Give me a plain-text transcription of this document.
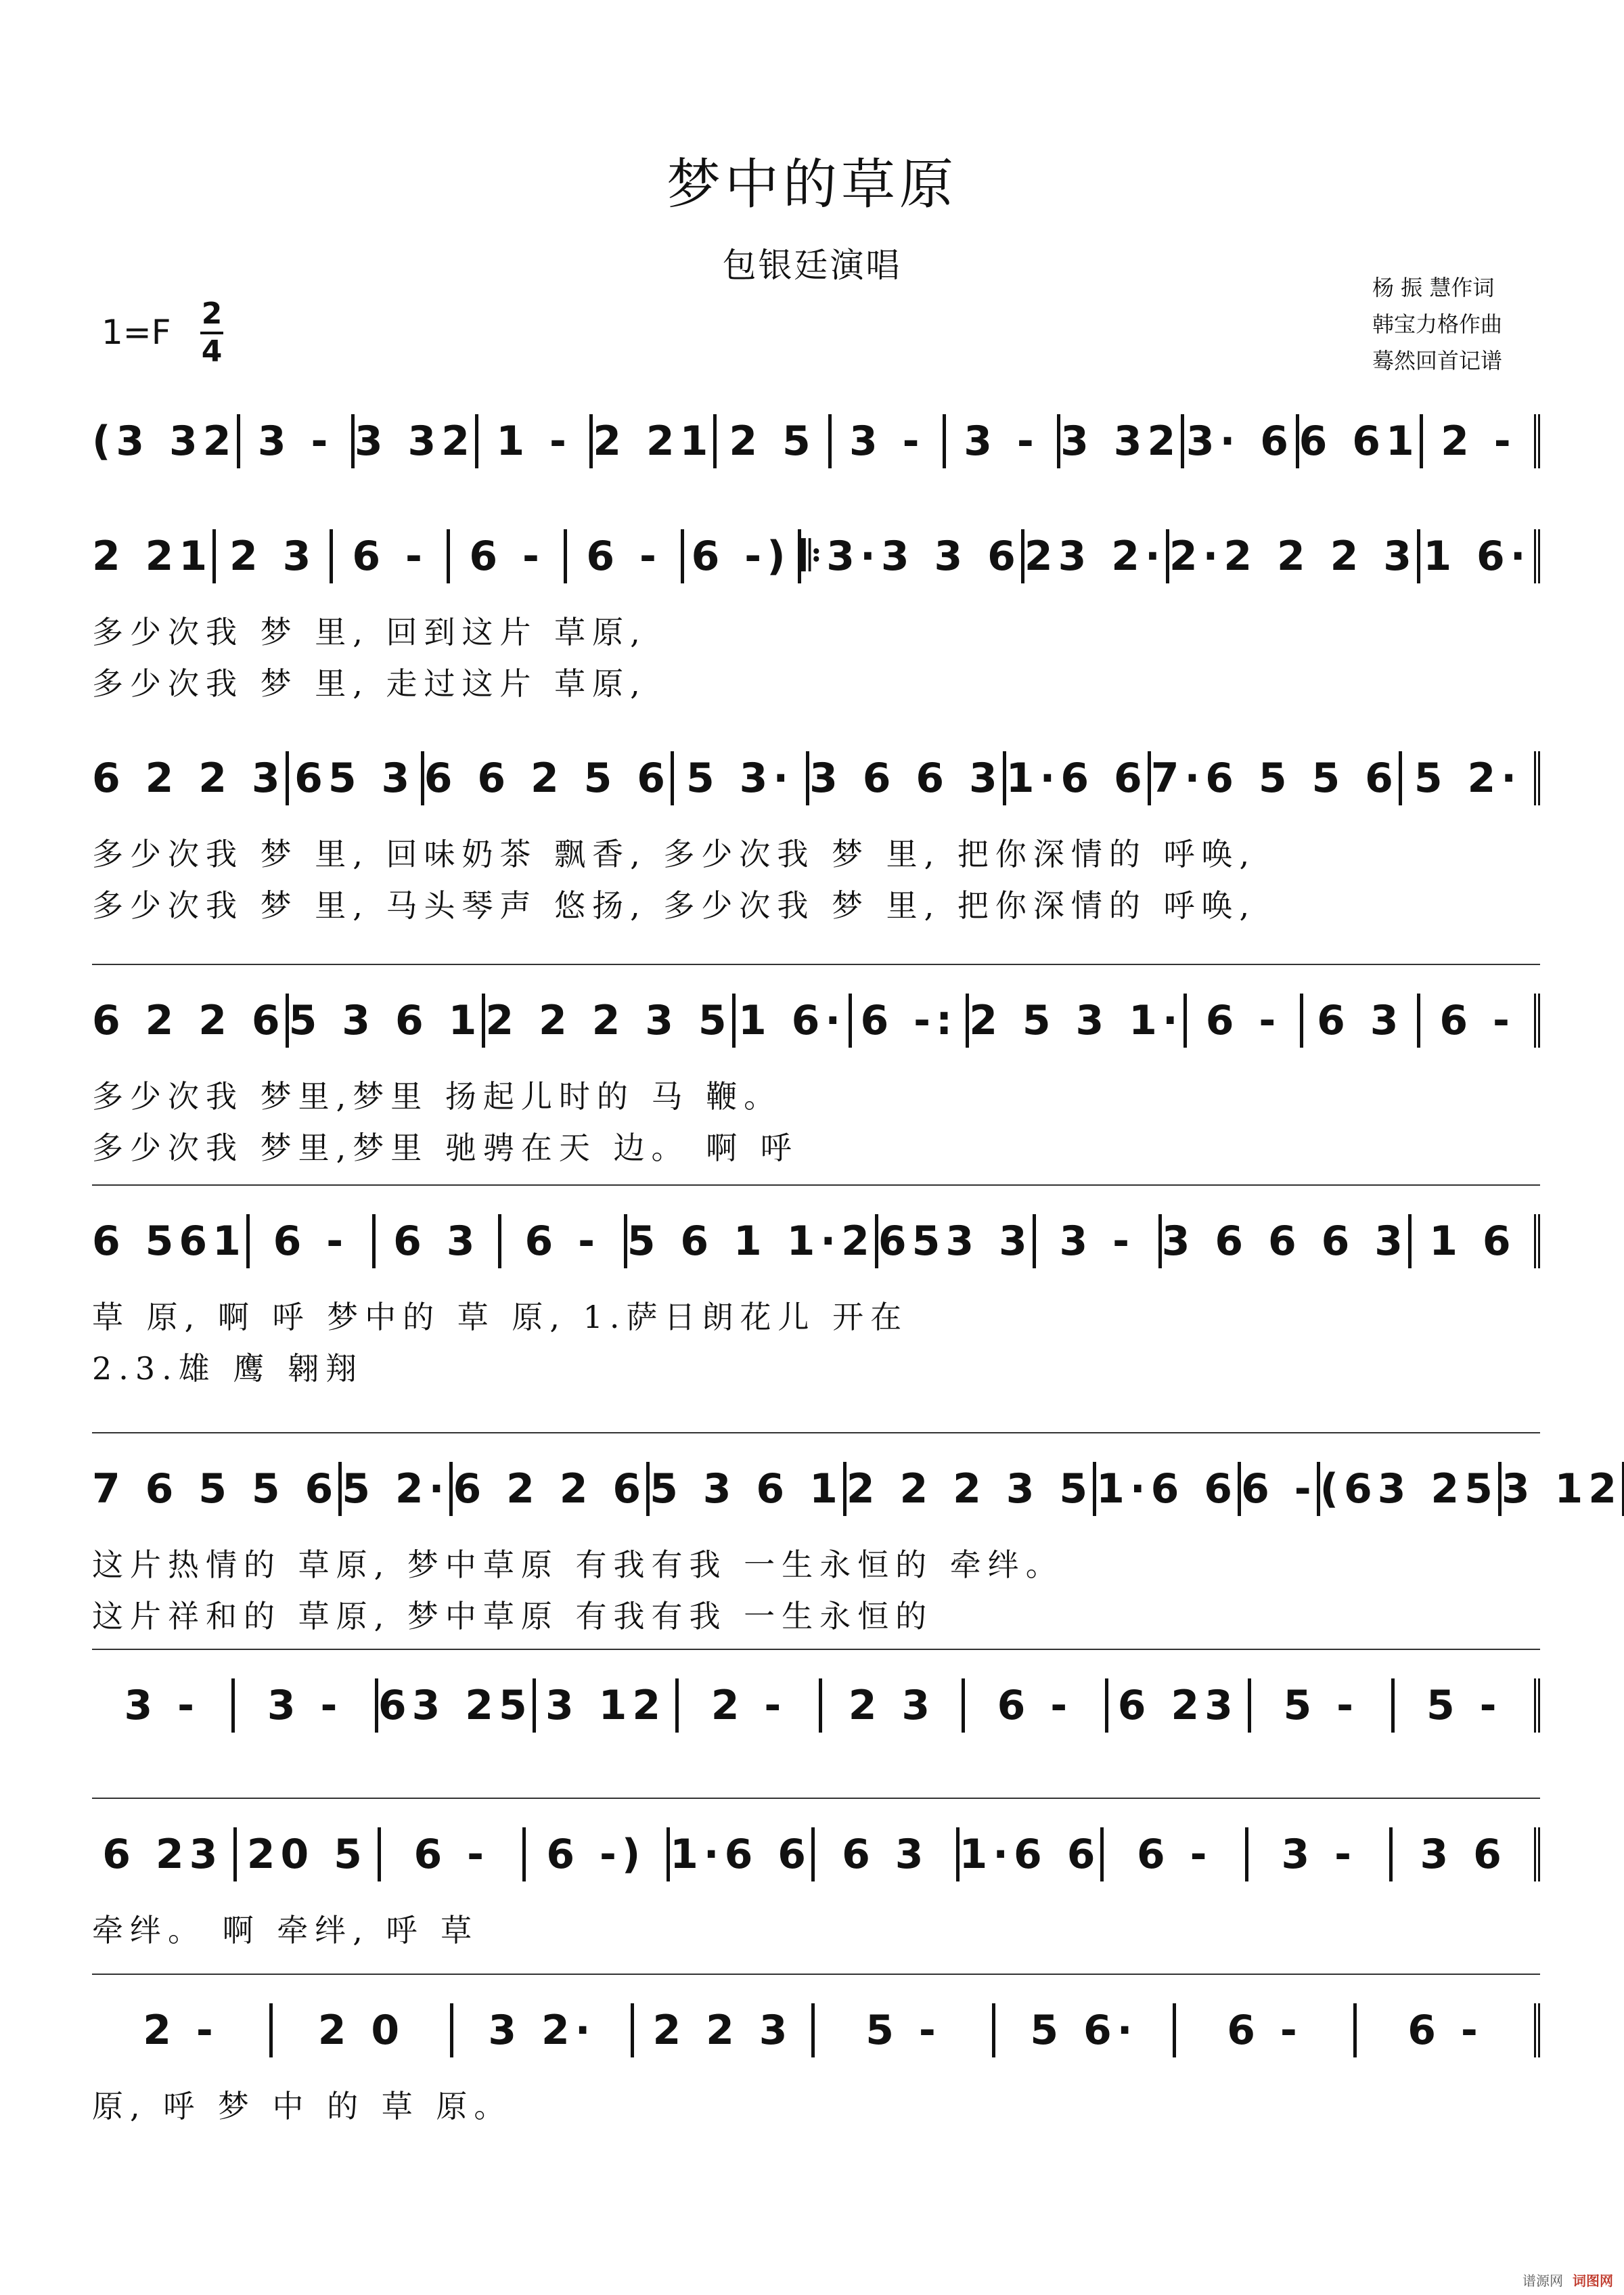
梦中的草原
包银廷演唱
杨 振 慧作词
韩宝力格作曲
蓦然回首记谱
1=F 2
4
(3 32 3 - 3 32 1 - 2 21 2 5 3 - 3 - 3 32 3· 6 6 61 2 -
2 21 2 3 6 -	6 -	6 - 6 -) 𝄆3·3 3 6 23 2· 2·2 2 2 3 1 6·
多少次我 梦 里, 回到这片 草原,
多少次我 梦 里, 走过这片 草原,
6 2 2 3 65 3 6 6 2 5 6 5 3· 3 6 6 3 1·6 6 7·6 5 5 6 5 2·
多少次我 梦 里, 回味奶茶 飘香, 多少次我 梦 里, 把你深情的 呼唤,
多少次我 梦 里, 马头琴声 悠扬, 多少次我 梦 里, 把你深情的 呼唤,
6 2 2 6 5 3 6 1 2 2 2 3 5 1 6· 6 -: 2 5 3 1· 6 - 6 3 6 -
多少次我 梦里,梦里 扬起儿时的 马 鞭。
多少次我 梦里,梦里 驰骋在天 边。 啊 呼
6 561 6 -	6 3	6 - 5 6 1 1·2 653 3 3 - 3 6 6 6 3 1 6
草 原, 啊 呼 梦中的 草 原, 1.萨日朗花儿 开在
2.3.雄 鹰 翱翔
7 6 5 5 6 5 2· 6 2 2 6 5 3 6 1 2 2 2 3 5 1·6 6 6 - (63 25 3 12
这片热情的 草原, 梦中草原 有我有我 一生永恒的 牵绊。
这片祥和的 草原, 梦中草原 有我有我 一生永恒的
3 -	3 - 63 25 3 12	2 -	2 3	6 -	6 23	5 -	5 -
6 23 20 5	6 -	6 -) 1·6 6 6 3 1·6 6 6 -	3 -	3 6
牵绊。 啊 牵绊, 呼 草
2 -	2 0	3 2·	2 2 3	5 -	5 6·	6 -	6 -
原, 呼 梦 中 的 草 原。
谱源网 词图网
